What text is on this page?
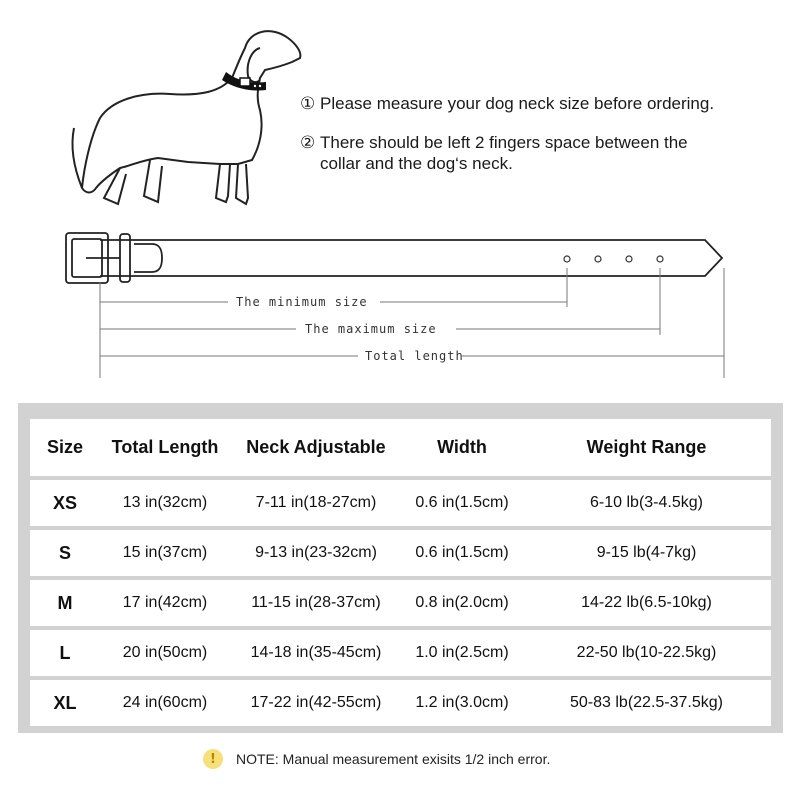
① Please measure your dog neck size before ordering.
② There should be left 2 fingers space between the
collar and the dog‘s neck.
The minimum size
The maximum size
Total length
Size	Total Length	Neck Adjustable	Width	Weight Range
XS	13 in(32cm)	7-11 in(18-27cm)	0.6 in(1.5cm)	6-10 lb(3-4.5kg)
S	15 in(37cm)	9-13 in(23-32cm)	0.6 in(1.5cm)	9-15 lb(4-7kg)
M	17 in(42cm)	11-15 in(28-37cm)	0.8 in(2.0cm)	14-22 lb(6.5-10kg)
L	20 in(50cm)	14-18 in(35-45cm)	1.0 in(2.5cm)	22-50 lb(10-22.5kg)
XL	24 in(60cm)	17-22 in(42-55cm)	1.2 in(3.0cm)	50-83 lb(22.5-37.5kg)
!	NOTE: Manual measurement exisits 1/2 inch error.
